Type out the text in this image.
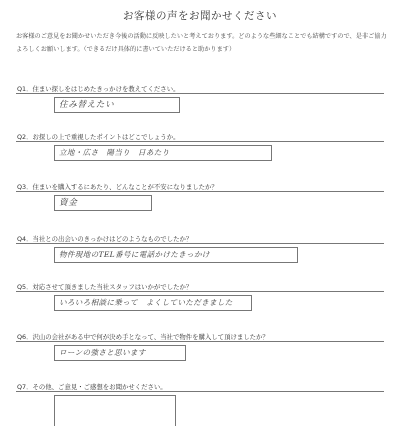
お客様の声をお聞かせください
お客様のご意見をお聞かせいただき今後の活動に反映したいと考えております。どのような些細なことでも結構ですので、是非ご協力よろしくお願いします。（できるだけ具体的に書いていただけると助かります）
Q1．住まい探しをはじめたきっかけを教えてください。
住み替えたい
Q2．お探しの上で重視したポイントはどこでしょうか。
立地・広さ　陽当り　日あたり
Q3．住まいを購入するにあたり、どんなことが不安になりましたか？
資金
Q4．当社との出会いのきっかけはどのようなものでしたか？
物件現地のTEL番号に電話かけたきっかけ
Q5．対応させて頂きました当社スタッフはいかがでしたか？
いろいろ相談に乗って　よくしていただきました
Q6．沢山の会社がある中で何が決め手となって、当社で物件を購入して頂けましたか？
ローンの強さと思います
Q7．その他、ご意見・ご感想をお聞かせください。
